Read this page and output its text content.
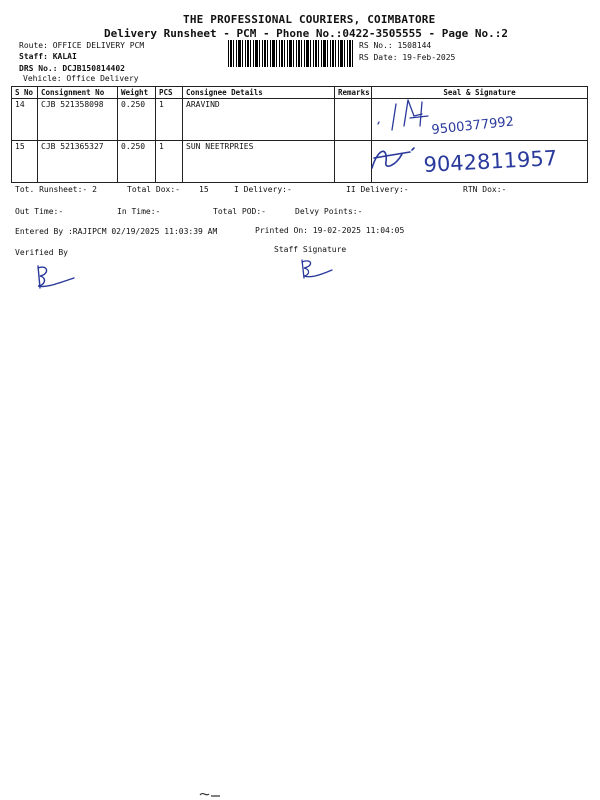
THE PROFESSIONAL COURIERS, COIMBATORE
Delivery Runsheet - PCM - Phone No.:0422-3505555 - Page No.:2
Route: OFFICE DELIVERY PCM
Staff: KALAI
DRS No.: DCJB150814402
Vehicle: Office Delivery
RS No.: 1508144
RS Date: 19-Feb-2025
S No	Consignment No	Weight	PCS	Consignee Details	Remarks	Seal & Signature
14	CJB 521358098	0.250	1	ARAVIND		
15	CJB 521365327	0.250	1	SUN NEETRPRIES		
9500377992
9042811957
Tot. Runsheet:- 2	Total Dox:- 15	I Delivery:-	II Delivery:-	RTN Dox:-
Out Time:-	In Time:-	Total POD:-	Delvy Points:-
Entered By :RAJIPCM 02/19/2025 11:03:39 AM	Printed On: 19-02-2025 11:04:05
Verified By	Staff Signature
